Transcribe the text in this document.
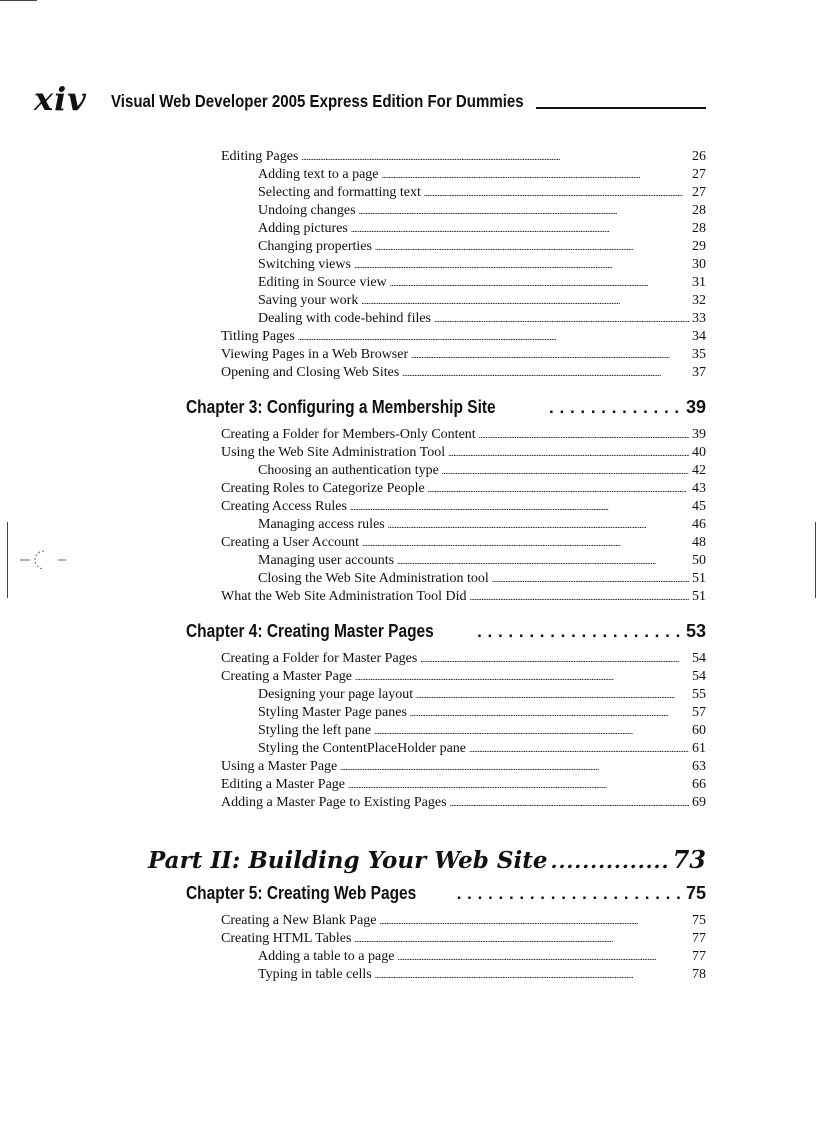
xiv Visual Web Developer 2005 Express Edition For Dummies
Editing Pages . . .	26
Adding text to a page . . .	27
Selecting and formatting text . . .	27
Undoing changes . . .	28
Adding pictures . . .	28
Changing properties . . .	29
Switching views . . .	30
Editing in Source view . . .	31
Saving your work . . .	32
Dealing with code-behind files . . .	33
Titling Pages . . .	34
Viewing Pages in a Web Browser . . .	35
Opening and Closing Web Sites . . .	37
Chapter 3: Configuring a Membership Site . . .	39
Creating a Folder for Members-Only Content . . .	39
Using the Web Site Administration Tool . . .	40
Choosing an authentication type . . .	42
Creating Roles to Categorize People . . .	43
Creating Access Rules . . .	45
Managing access rules . . .	46
Creating a User Account . . .	48
Managing user accounts . . .	50
Closing the Web Site Administration tool . . .	51
What the Web Site Administration Tool Did . . .	51
Chapter 4: Creating Master Pages . . .	53
Creating a Folder for Master Pages . . .	54
Creating a Master Page . . .	54
Designing your page layout . . .	55
Styling Master Page panes . . .	57
Styling the left pane . . .	60
Styling the ContentPlaceHolder pane . . .	61
Using a Master Page . . .	63
Editing a Master Page . . .	66
Adding a Master Page to Existing Pages . . .	69
Part II: Building Your Web Site . . .	73
Chapter 5: Creating Web Pages . . .	75
Creating a New Blank Page . . .	75
Creating HTML Tables . . .	77
Adding a table to a page . . .	77
Typing in table cells . . .	78
